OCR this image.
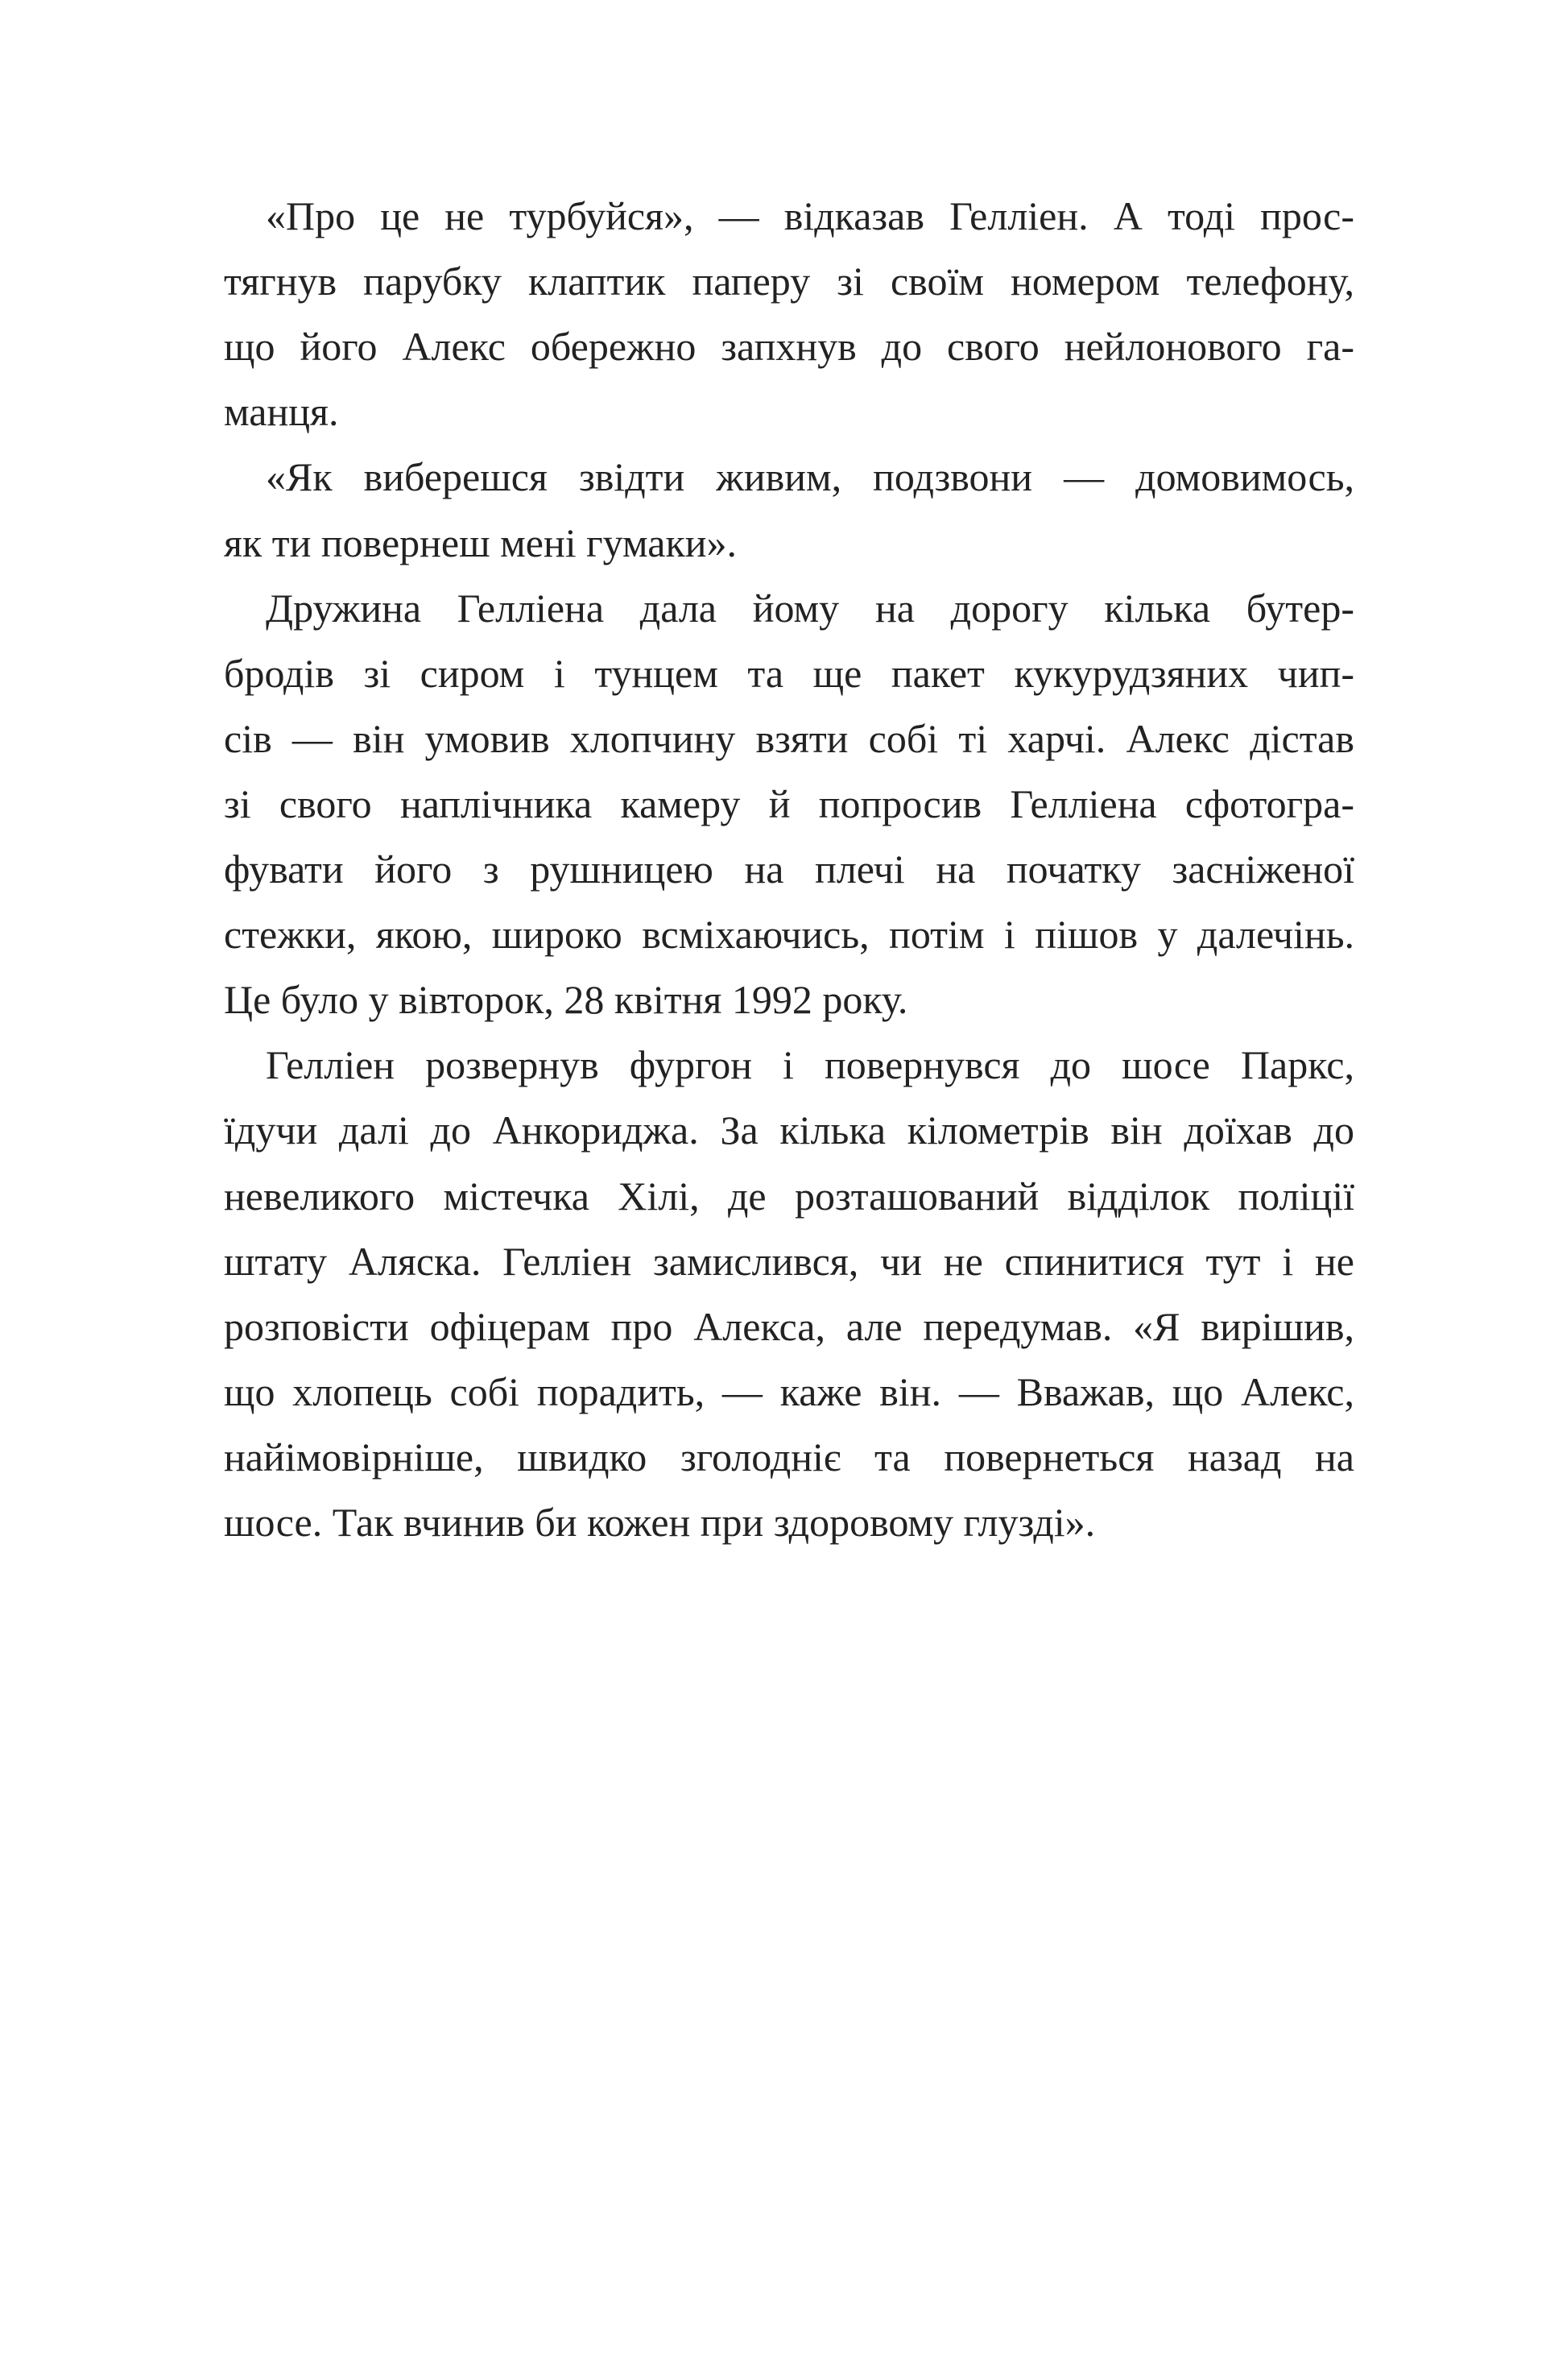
«Про це не турбуйся», — відказав Гелліен. А тоді прос-
тягнув парубку клаптик паперу зі своїм номером телефону,
що його Алекс обережно запхнув до свого нейлонового га-
манця.
«Як виберешся звідти живим, подзвони — домовимось,
як ти повернеш мені гумаки».
Дружина Гелліена дала йому на дорогу кілька бутер-
бродів зі сиром і тунцем та ще пакет кукурудзяних чип-
сів — він умовив хлопчину взяти собі ті харчі. Алекс дістав
зі свого наплічника камеру й попросив Гелліена сфотогра-
фувати його з рушницею на плечі на початку засніженої
стежки, якою, широко всміхаючись, потім і пішов у далечінь.
Це було у вівторок, 28 квітня 1992 року.
Гелліен розвернув фургон і повернувся до шосе Паркс,
їдучи далі до Анкориджа. За кілька кілометрів він доїхав до
невеликого містечка Хілі, де розташований відділок поліції
штату Аляска. Гелліен замислився, чи не спинитися тут і не
розповісти офіцерам про Алекса, але передумав. «Я вирішив,
що хлопець собі порадить, — каже він. — Вважав, що Алекс,
найімовірніше, швидко зголодніє та повернеться назад на
шосе. Так вчинив би кожен при здоровому глузді».
